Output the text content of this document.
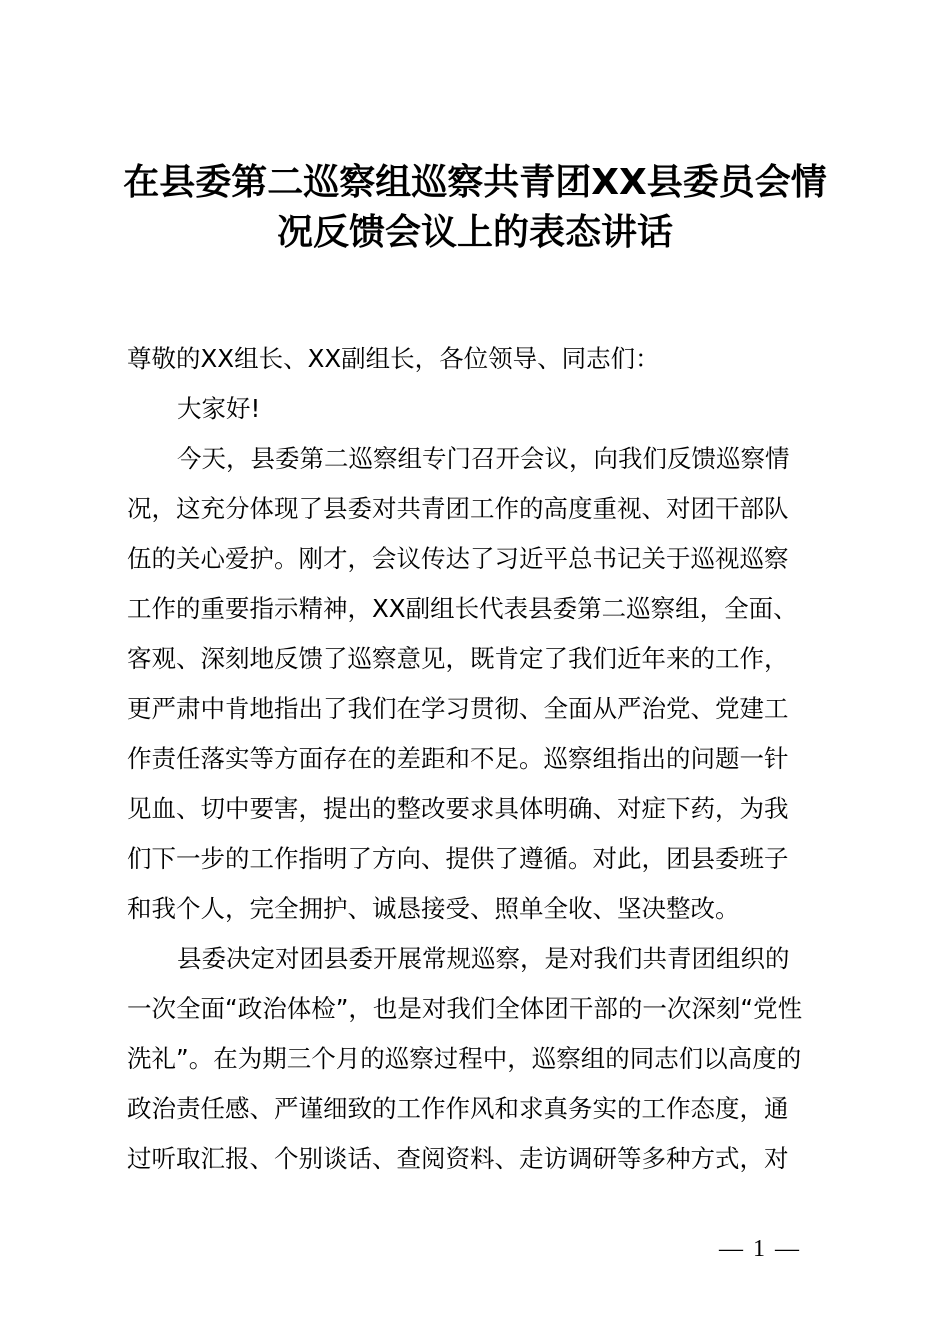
在县委第二巡察组巡察共青团XX县委员会情
况反馈会议上的表态讲话
尊敬的XX组长、XX副组长，各位领导、同志们：
大家好!
今天，县委第二巡察组专门召开会议，向我们反馈巡察情
况，这充分体现了县委对共青团工作的高度重视、对团干部队
伍的关心爱护。刚才，会议传达了习近平总书记关于巡视巡察
工作的重要指示精神，XX副组长代表县委第二巡察组，全面、
客观、深刻地反馈了巡察意见，既肯定了我们近年来的工作，
更严肃中肯地指出了我们在学习贯彻、全面从严治党、党建工
作责任落实等方面存在的差距和不足。巡察组指出的问题一针
见血、切中要害，提出的整改要求具体明确、对症下药，为我
们下一步的工作指明了方向、提供了遵循。对此，团县委班子
和我个人，完全拥护、诚恳接受、照单全收、坚决整改。
县委决定对团县委开展常规巡察，是对我们共青团组织的
一次全面“政治体检”，也是对我们全体团干部的一次深刻“党性
洗礼”。在为期三个月的巡察过程中，巡察组的同志们以高度的
政治责任感、严谨细致的工作作风和求真务实的工作态度，通
过听取汇报、个别谈话、查阅资料、走访调研等多种方式，对
— 1 —
